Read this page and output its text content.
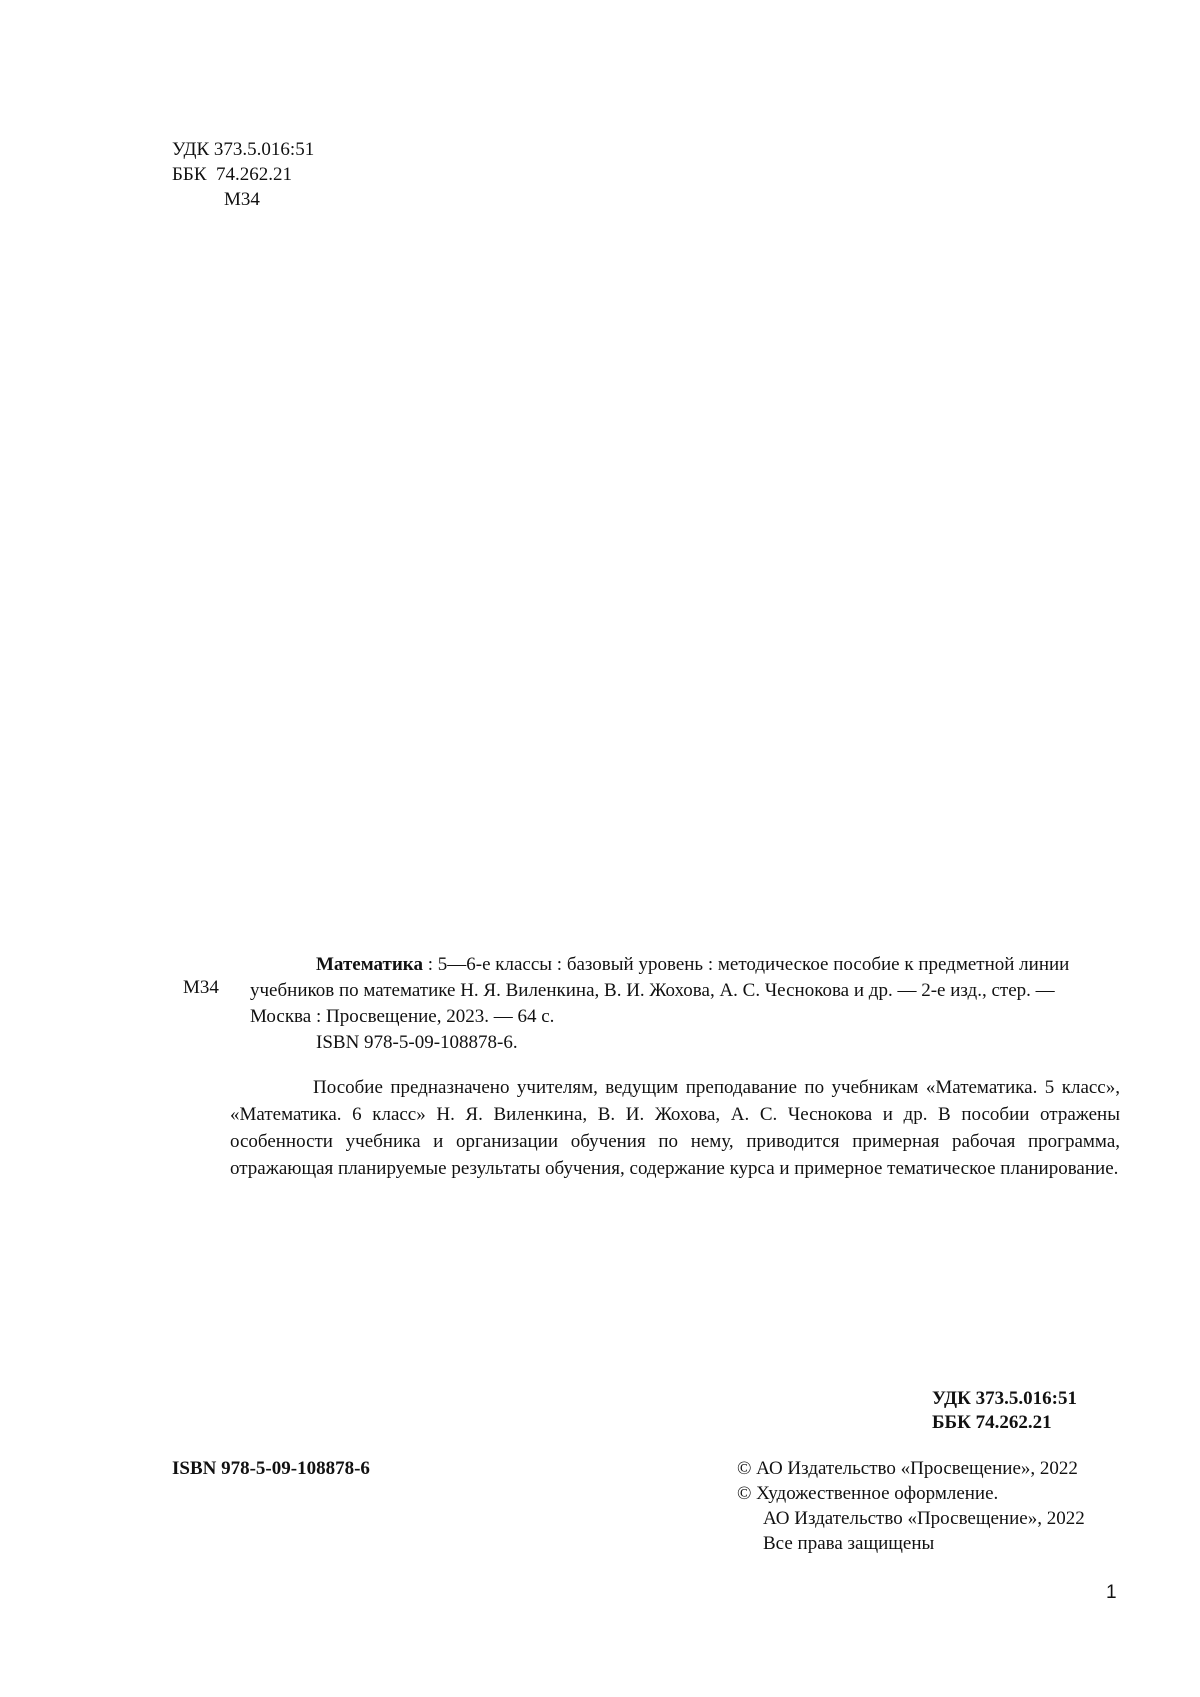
УДК 373.5.016:51
ББК  74.262.21
М34
М34
Математика : 5—6-е классы : базовый уровень : методическое пособие к предметной линии
учебников по математике Н. Я. Виленкина, В. И. Жохова, А. С. Чеснокова и др. — 2-е изд., стер. —
Москва : Просвещение, 2023. — 64 с.
ISBN 978-5-09-108878-6.
Пособие предназначено учителям, ведущим преподавание по учебникам «Математика. 5 класс», «Математика. 6 класс» Н. Я. Виленкина, В. И. Жохова, А. С. Чеснокова и др. В пособии отражены особенности учебника и организации обучения по нему, приводится примерная рабочая программа, отражающая планируемые результаты обучения, содержание курса и примерное тематическое планирование.
УДК 373.5.016:51
ББК 74.262.21
ISBN 978-5-09-108878-6	© АО Издательство «Просвещение», 2022
© Художественное оформление.
АО Издательство «Просвещение», 2022
Все права защищены
1
